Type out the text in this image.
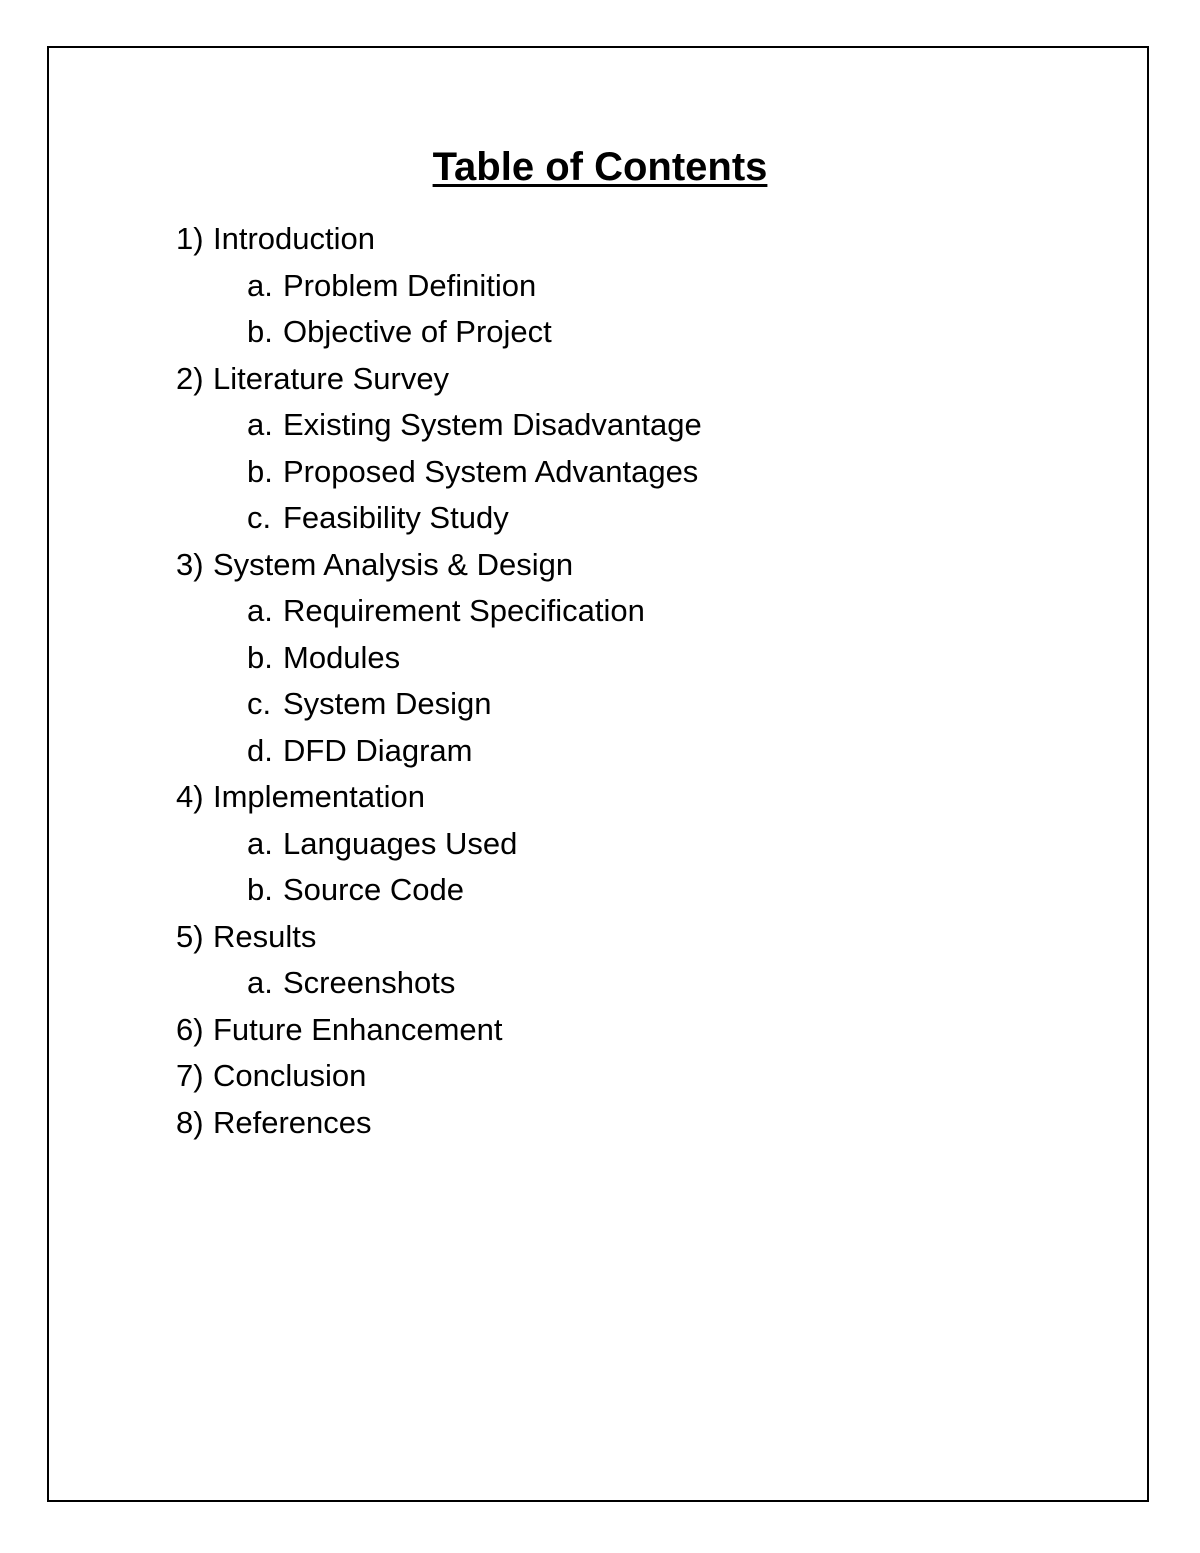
Table of Contents
1) Introduction
a. Problem Definition
b. Objective of Project
2) Literature Survey
a. Existing System Disadvantage
b. Proposed System Advantages
c. Feasibility Study
3) System Analysis & Design
a. Requirement Specification
b. Modules
c. System Design
d. DFD Diagram
4) Implementation
a. Languages Used
b. Source Code
5) Results
a. Screenshots
6) Future Enhancement
7) Conclusion
8) References
